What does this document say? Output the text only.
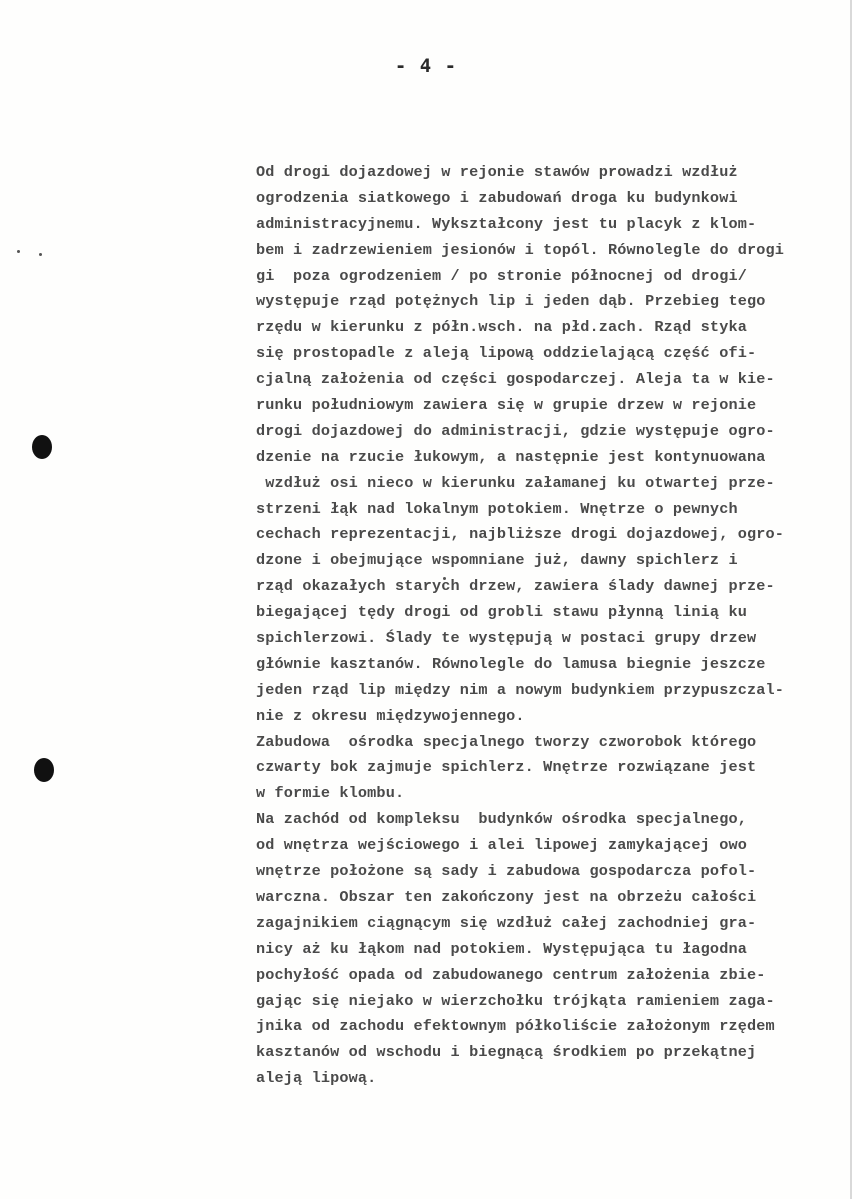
- 4 -
Od drogi dojazdowej w rejonie stawów prowadzi wzdłuż
ogrodzenia siatkowego i zabudowań droga ku budynkowi
administracyjnemu. Wykształcony jest tu placyk z klom-
bem i zadrzewieniem jesionów i topól. Równolegle do drogi
gi  poza ogrodzeniem / po stronie północnej od drogi/
występuje rząd potężnych lip i jeden dąb. Przebieg tego
rzędu w kierunku z półn.wsch. na płd.zach. Rząd styka
się prostopadle z aleją lipową oddzielającą część ofi-
cjalną założenia od części gospodarczej. Aleja ta w kie-
runku południowym zawiera się w grupie drzew w rejonie
drogi dojazdowej do administracji, gdzie występuje ogro-
dzenie na rzucie łukowym, a następnie jest kontynuowana
wzdłuż osi nieco w kierunku załamanej ku otwartej prze-
strzeni łąk nad lokalnym potokiem. Wnętrze o pewnych
cechach reprezentacji, najbliższe drogi dojazdowej, ogro-
dzone i obejmujące wspomniane już, dawny spichlerz i
rząd okazałych starych drzew, zawiera ślady dawnej prze-
biegającej tędy drogi od grobli stawu płynną linią ku
spichlerzowi. Ślady te występują w postaci grupy drzew
głównie kasztanów. Równolegle do lamusa biegnie jeszcze
jeden rząd lip między nim a nowym budynkiem przypuszczal-
nie z okresu międzywojennego.
Zabudowa  ośrodka specjalnego tworzy czworobok którego
czwarty bok zajmuje spichlerz. Wnętrze rozwiązane jest
w formie klombu.
Na zachód od kompleksu  budynków ośrodka specjalnego,
od wnętrza wejściowego i alei lipowej zamykającej owo
wnętrze położone są sady i zabudowa gospodarcza pofol-
warczna. Obszar ten zakończony jest na obrzeżu całości
zagajnikiem ciągnącym się wzdłuż całej zachodniej gra-
nicy aż ku łąkom nad potokiem. Występująca tu łagodna
pochyłość opada od zabudowanego centrum założenia zbie-
gając się niejako w wierzchołku trójkąta ramieniem zaga-
jnika od zachodu efektownym półkoliście założonym rzędem
kasztanów od wschodu i biegnącą środkiem po przekątnej
aleją lipową.
